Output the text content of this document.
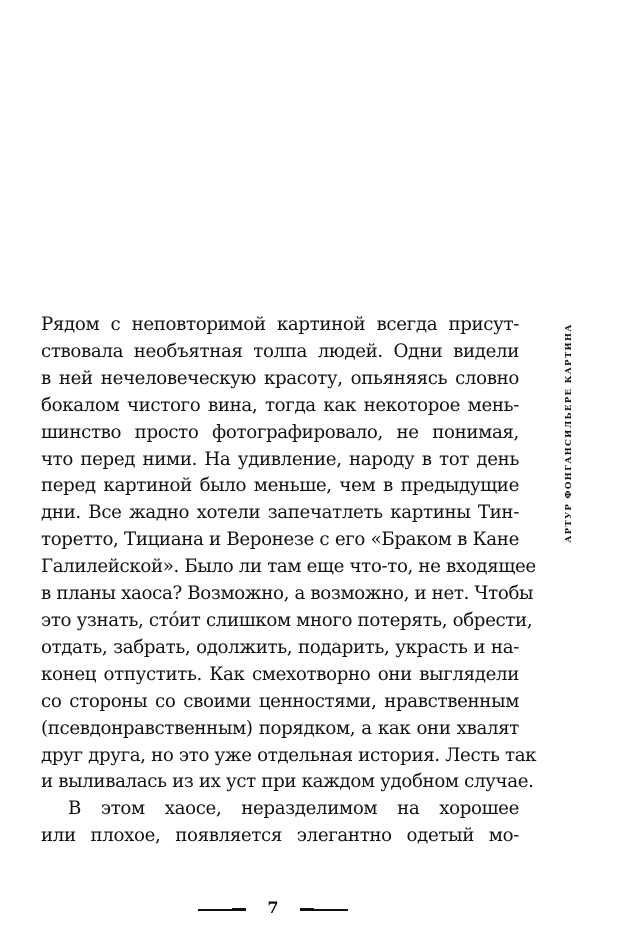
Рядом с неповторимой картиной всегда присут-
ствовала необъятная толпа людей. Одни видели
в ней нечеловеческую красоту, опьяняясь словно
бокалом чистого вина, тогда как некоторое мень-
шинство просто фотографировало, не понимая,
что перед ними. На удивление, народу в тот день
перед картиной было меньше, чем в предыдущие
дни. Все жадно хотели запечатлеть картины Тин-
торетто, Тициана и Веронезе с его «Браком в Кане
Галилейской». Было ли там еще что-то, не входящее
в планы хаоса? Возможно, а возможно, и нет. Чтобы
это узнать, сто́ит слишком много потерять, обрести,
отдать, забрать, одолжить, подарить, украсть и на-
конец отпустить. Как смехотворно они выглядели
со стороны со своими ценностями, нравственным
(псевдонравственным) порядком, а как они хвалят
друг друга, но это уже отдельная история. Лесть так
и выливалась из их уст при каждом удобном случае.
В этом хаосе, неразделимом на хорошее
или плохое, появляется элегантно одетый мо-
АРТУР ФОНГАНСИЛЬЕРЕ КАРТИНА
7
